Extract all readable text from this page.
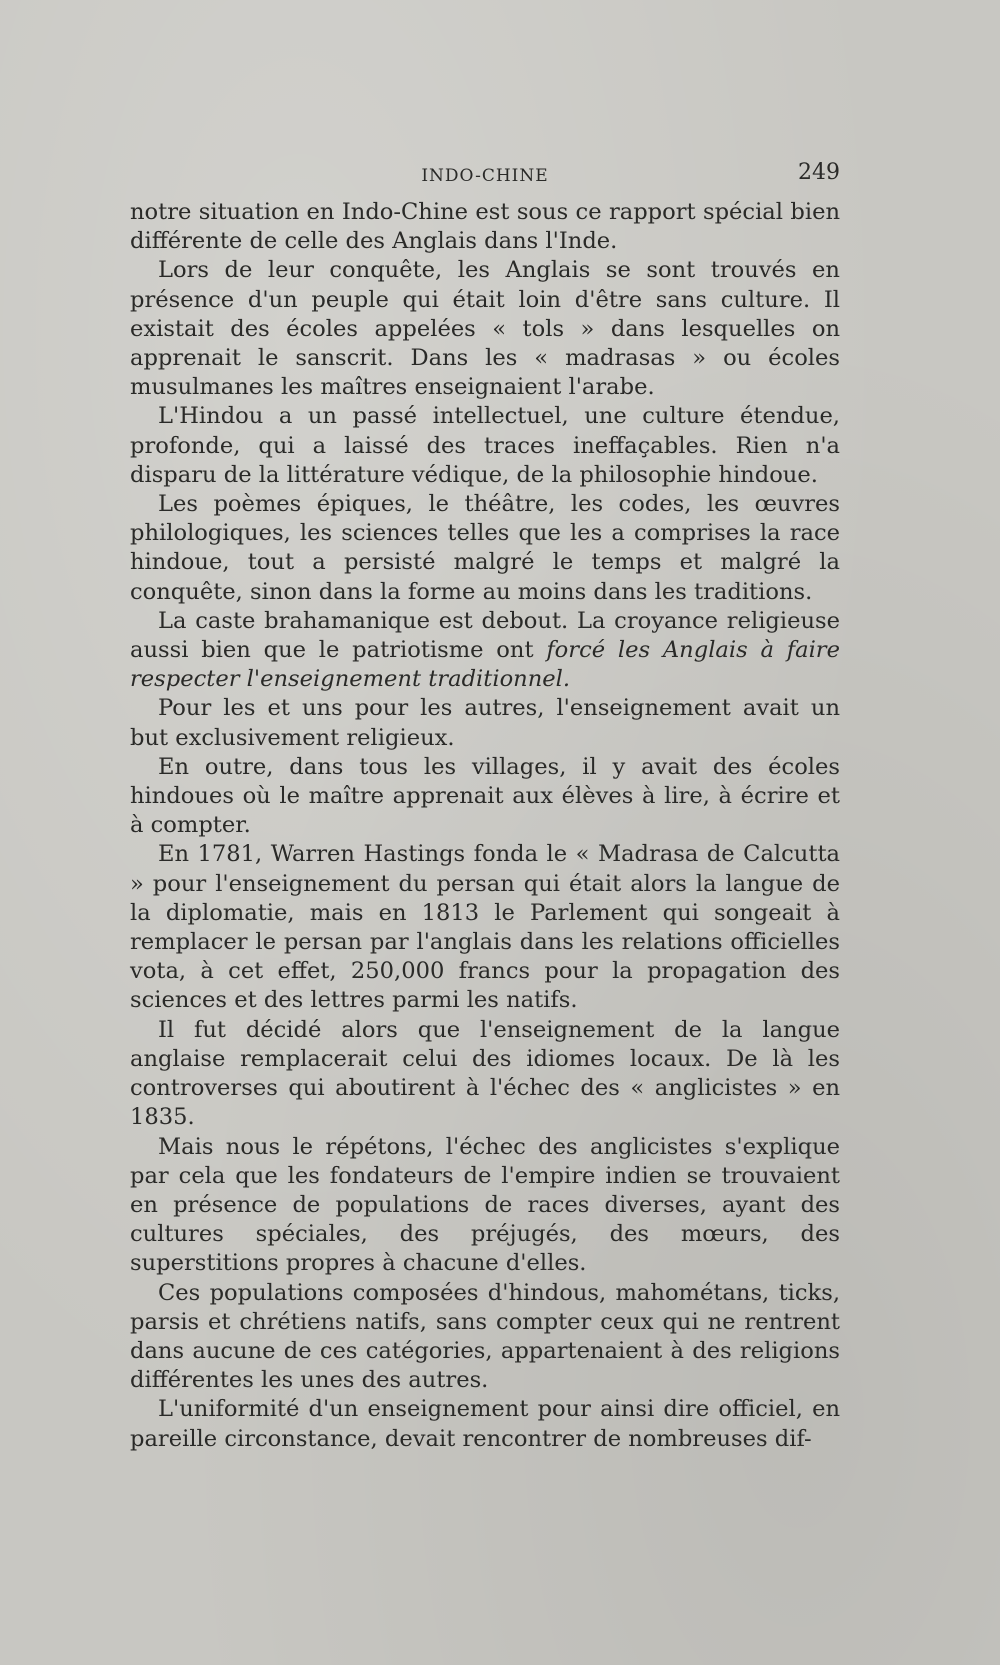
INDO-CHINE	249

notre situation en Indo-Chine est sous ce rapport spécial bien différente de celle des Anglais dans l'Inde.

Lors de leur conquête, les Anglais se sont trouvés en présence d'un peuple qui était loin d'être sans culture. Il existait des écoles appelées « tols » dans lesquelles on apprenait le sanscrit. Dans les « madrasas » ou écoles musulmanes les maîtres enseignaient l'arabe.

L'Hindou a un passé intellectuel, une culture étendue, profonde, qui a laissé des traces ineffaçables. Rien n'a disparu de la littérature védique, de la philosophie hindoue.

Les poèmes épiques, le théâtre, les codes, les œuvres philologiques, les sciences telles que les a comprises la race hindoue, tout a persisté malgré le temps et malgré la conquête, sinon dans la forme au moins dans les traditions.

La caste brahamanique est debout. La croyance religieuse aussi bien que le patriotisme ont forcé les Anglais à faire respecter l'enseignement traditionnel.

Pour les et uns pour les autres, l'enseignement avait un but exclusivement religieux.

En outre, dans tous les villages, il y avait des écoles hindoues où le maître apprenait aux élèves à lire, à écrire et à compter.

En 1781, Warren Hastings fonda le « Madrasa de Calcutta » pour l'enseignement du persan qui était alors la langue de la diplomatie, mais en 1813 le Parlement qui songeait à remplacer le persan par l'anglais dans les relations officielles vota, à cet effet, 250,000 francs pour la propagation des sciences et des lettres parmi les natifs.

Il fut décidé alors que l'enseignement de la langue anglaise remplacerait celui des idiomes locaux. De là les controverses qui aboutirent à l'échec des « anglicistes » en 1835.

Mais nous le répétons, l'échec des anglicistes s'explique par cela que les fondateurs de l'empire indien se trouvaient en présence de populations de races diverses, ayant des cultures spéciales, des préjugés, des mœurs, des superstitions propres à chacune d'elles.

Ces populations composées d'hindous, mahométans, ticks, parsis et chrétiens natifs, sans compter ceux qui ne rentrent dans aucune de ces catégories, appartenaient à des religions différentes les unes des autres.

L'uniformité d'un enseignement pour ainsi dire officiel, en pareille circonstance, devait rencontrer de nombreuses dif-
